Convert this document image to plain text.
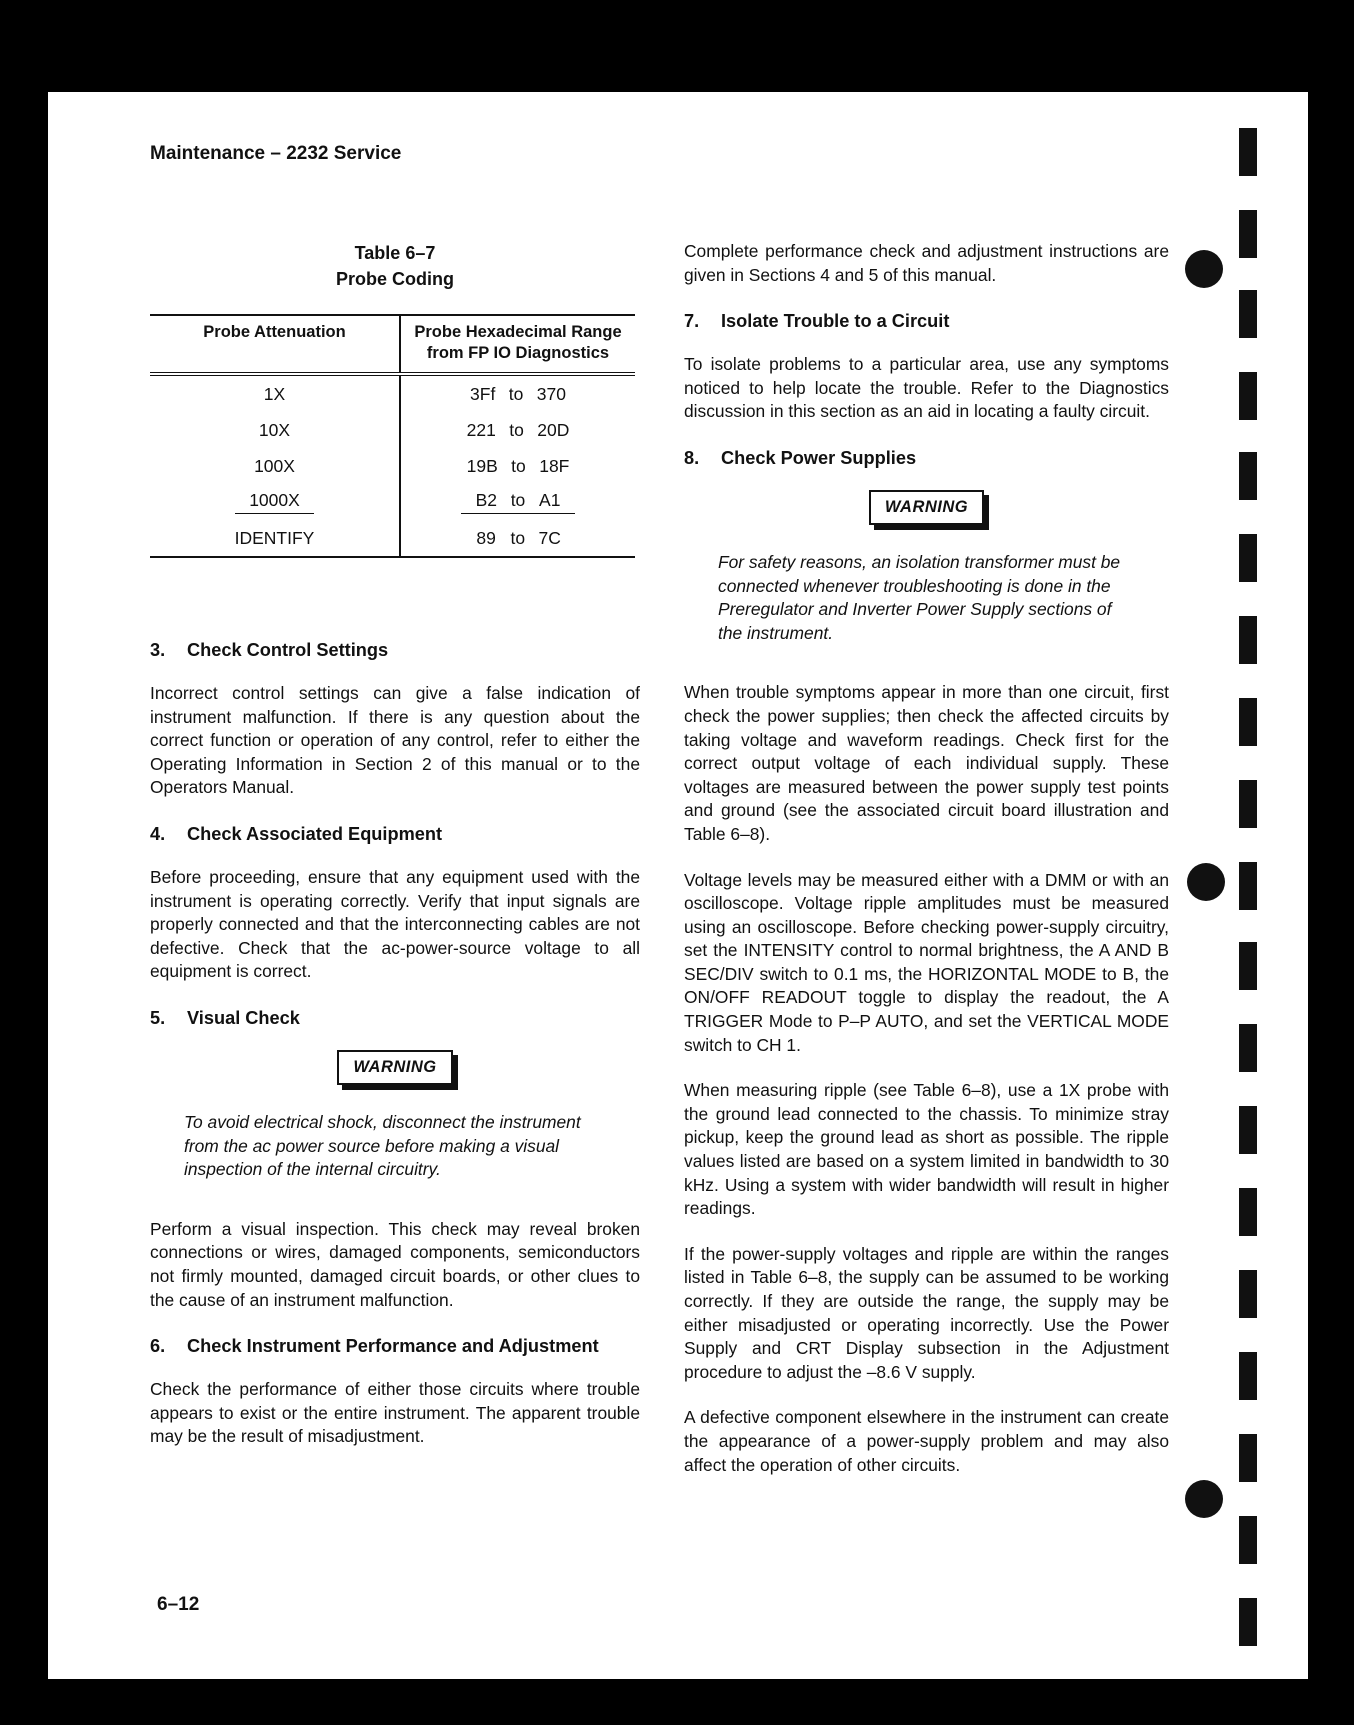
Maintenance – 2232 Service
Table 6–7
Probe Coding
Probe Attenuation	Probe Hexadecimal Range from FP IO Diagnostics
1X	3Ff to 370
10X	221 to 20D
100X	19B to 18F
1000X	B2 to A1
IDENTIFY	89 to 7C
3. Check Control Settings

Incorrect control settings can give a false indication of instrument malfunction. If there is any question about the correct function or operation of any control, refer to either the Operating Information in Section 2 of this manual or to the Operators Manual.

4. Check Associated Equipment

Before proceeding, ensure that any equipment used with the instrument is operating correctly. Verify that input signals are properly connected and that the interconnecting cables are not defective. Check that the ac-power-source voltage to all equipment is correct.

5. Visual Check
WARNING
To avoid electrical shock, disconnect the instrument from the ac power source before making a visual inspection of the internal circuitry.

Perform a visual inspection. This check may reveal broken connections or wires, damaged components, semiconductors not firmly mounted, damaged circuit boards, or other clues to the cause of an instrument malfunction.

6. Check Instrument Performance and Adjustment

Check the performance of either those circuits where trouble appears to exist or the entire instrument. The apparent trouble may be the result of misadjustment.

Complete performance check and adjustment instructions are given in Sections 4 and 5 of this manual.

7. Isolate Trouble to a Circuit

To isolate problems to a particular area, use any symptoms noticed to help locate the trouble. Refer to the Diagnostics discussion in this section as an aid in locating a faulty circuit.

8. Check Power Supplies
WARNING
For safety reasons, an isolation transformer must be connected whenever troubleshooting is done in the Preregulator and Inverter Power Supply sections of the instrument.

When trouble symptoms appear in more than one circuit, first check the power supplies; then check the affected circuits by taking voltage and waveform readings. Check first for the correct output voltage of each individual supply. These voltages are measured between the power supply test points and ground (see the associated circuit board illustration and Table 6–8).

Voltage levels may be measured either with a DMM or with an oscilloscope. Voltage ripple amplitudes must be measured using an oscilloscope. Before checking power-supply circuitry, set the INTENSITY control to normal brightness, the A AND B SEC/DIV switch to 0.1 ms, the HORIZONTAL MODE to B, the ON/OFF READOUT toggle to display the readout, the A TRIGGER Mode to P–P AUTO, and set the VERTICAL MODE switch to CH 1.

When measuring ripple (see Table 6–8), use a 1X probe with the ground lead connected to the chassis. To minimize stray pickup, keep the ground lead as short as possible. The ripple values listed are based on a system limited in bandwidth to 30 kHz. Using a system with wider bandwidth will result in higher readings.

If the power-supply voltages and ripple are within the ranges listed in Table 6–8, the supply can be assumed to be working correctly. If they are outside the range, the supply may be either misadjusted or operating incorrectly. Use the Power Supply and CRT Display subsection in the Adjustment procedure to adjust the –8.6 V supply.

A defective component elsewhere in the instrument can create the appearance of a power-supply problem and may also affect the operation of other circuits.

6–12
